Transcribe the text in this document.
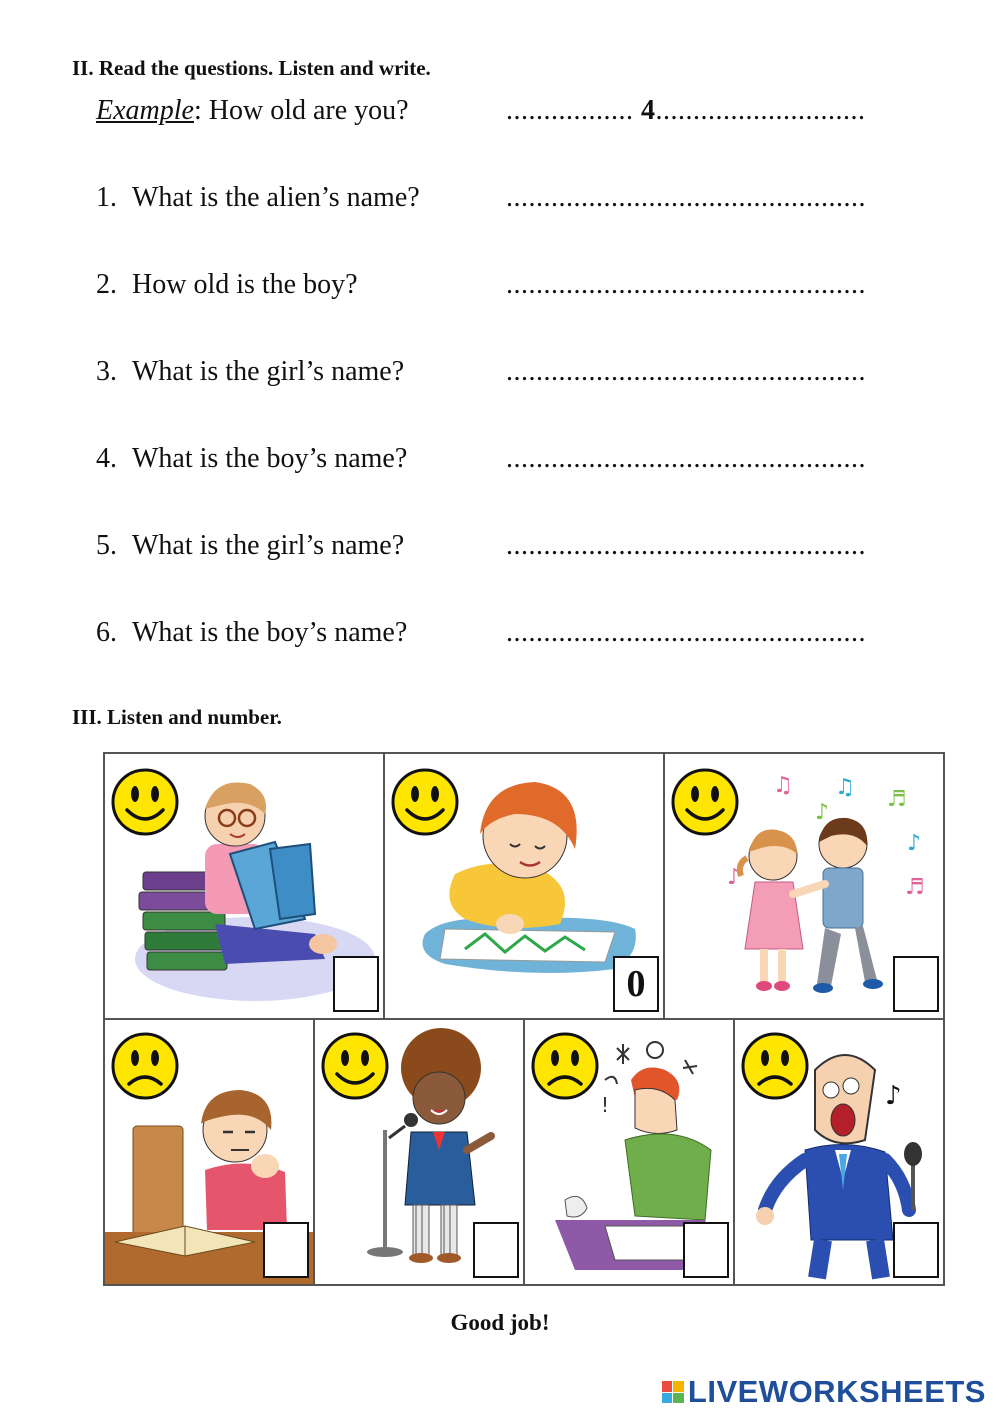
II. Read the questions. Listen and write.
Example: How old are you?	................. 4............................
1. What is the alien’s name?	................................................
2. How old is the boy?	................................................
3. What is the girl’s name?	................................................
4. What is the boy’s name?	................................................
5. What is the girl’s name?	................................................
6. What is the boy’s name?	................................................
III. Listen and number.
0
♫ ♫ ♬
♪
♬
♪
♪
!	♪
Good job!
LIVEWORKSHEETS
